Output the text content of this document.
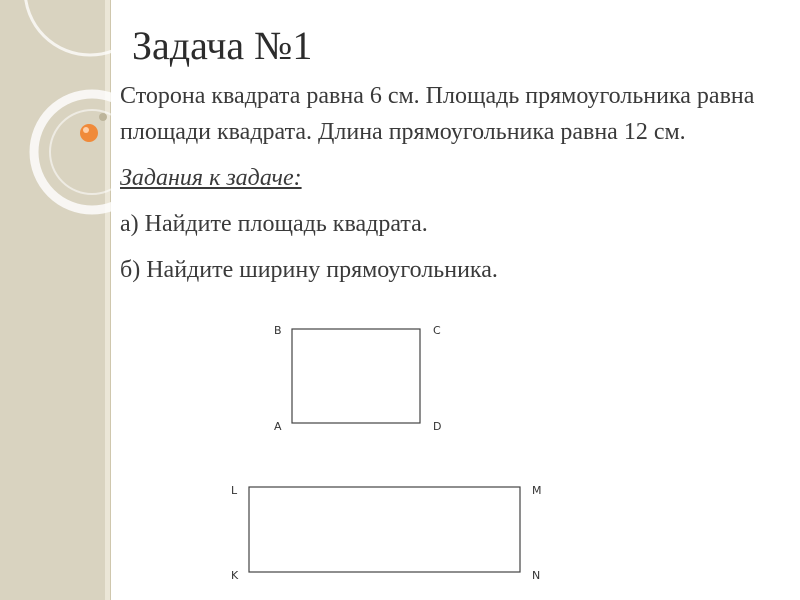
Задача №1

Сторона квадрата равна 6 см. Площадь прямоугольника равна площади квадрата. Длина прямоугольника равна 12 см.

Задания к задаче:

а) Найдите площадь квадрата.

б) Найдите ширину прямоугольника.

B	C
A	D
L	M
K	N
